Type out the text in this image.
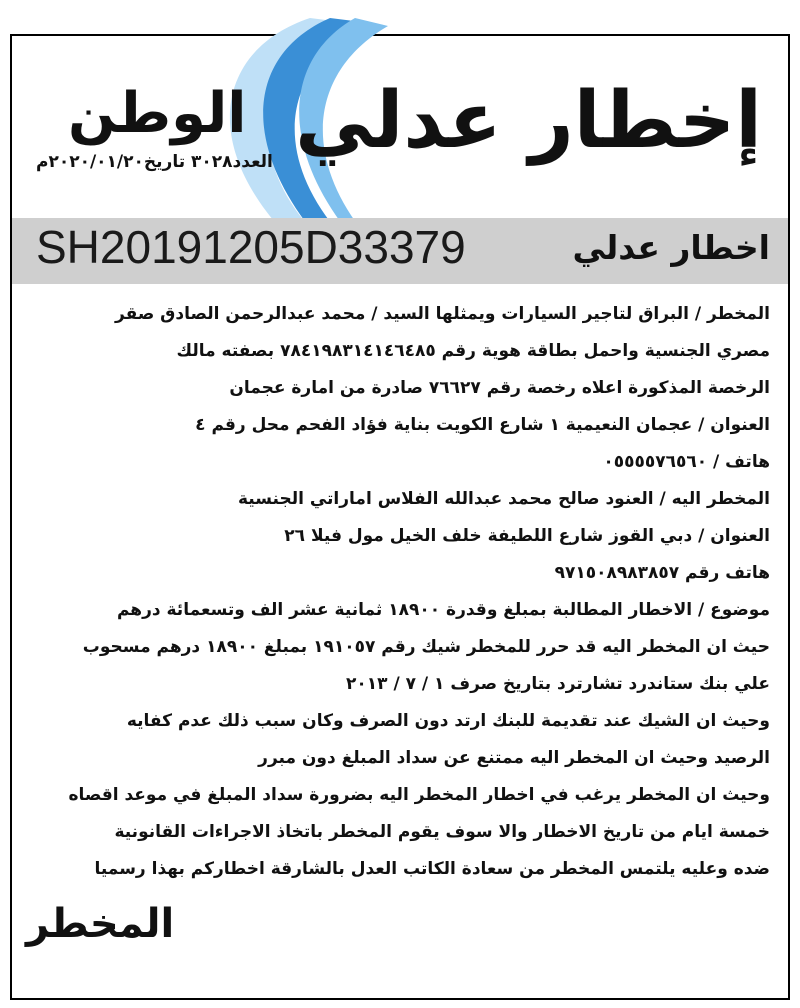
إخطار عدلي
الوطن
العدد٣٠٢٨ تاريخ٢٠٢٠/٠١/٢٠م
اخطار عدلي
SH20191205D33379
المخطر / البراق لتاجير السيارات ويمثلها السيد / محمد عبدالرحمن الصادق صقر
مصري الجنسية واحمل بطاقة هوية رقم ٧٨٤١٩٨٣١٤١٤٦٤٨٥ بصفته مالك
الرخصة المذكورة اعلاه رخصة رقم ٧٦٦٢٧ صادرة من امارة عجمان
العنوان / عجمان النعيمية ١ شارع الكويت بناية فؤاد الفحم محل رقم ٤
هاتف / ٠٥٥٥٥٧٦٥٦٠
المخطر اليه / العنود صالح محمد عبدالله الفلاس اماراتي الجنسية
العنوان / دبي القوز شارع اللطيفة خلف الخيل مول فيلا ٢٦
هاتف رقم ٩٧١٥٠٨٩٨٣٨٥٧
موضوع / الاخطار المطالبة بمبلغ وقدرة ١٨٩٠٠ ثمانية عشر الف وتسعمائة درهم
حيث ان المخطر اليه قد حرر للمخطر شيك رقم ١٩١٠٥٧ بمبلغ ١٨٩٠٠ درهم مسحوب
علي بنك ستاندرد تشارترد بتاريخ صرف ١ / ٧ / ٢٠١٣
وحيث ان الشيك عند تقديمة للبنك ارتد دون الصرف وكان سبب ذلك عدم كفايه
الرصيد وحيث ان المخطر اليه ممتنع عن سداد المبلغ دون مبرر
وحيث ان المخطر يرغب في اخطار المخطر اليه بضرورة سداد المبلغ في موعد اقصاه
خمسة ايام من تاريخ الاخطار والا سوف يقوم المخطر باتخاذ الاجراءات القانونية
ضده وعليه يلتمس المخطر من سعادة الكاتب العدل بالشارقة اخطاركم بهذا رسميا
المخطر
